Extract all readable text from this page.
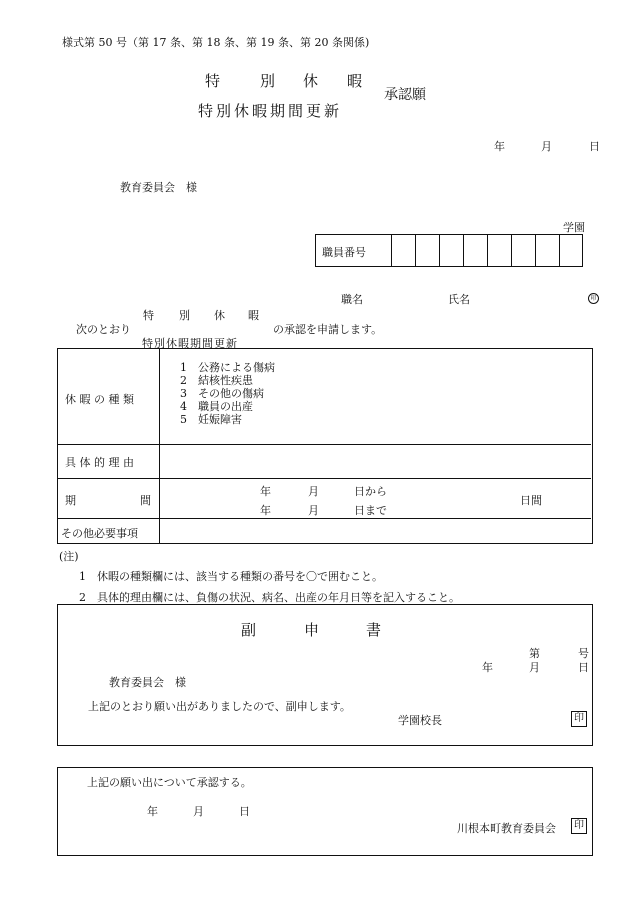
様式第 50 号（第 17 条、第 18 条、第 19 条、第 20 条関係)
特	別 休 暇
承認願
特別休暇期間更新
年	月	日
教育委員会　様
学園
職員番号
職名	氏名	印
特 別 休 暇
次のとおり	の承認を申請します。
特別休暇期間更新
休 暇 の 種 類
1　公務による傷病
2　結核性疾患
3　その他の傷病
4　職員の出産
5　妊娠障害
具 体 的 理 由
期	間
年	月	日から
年	月	日まで
日間
その他必要事項
(注)
1　休暇の種類欄には、該当する種類の番号を〇で囲むこと。
2　具体的理由欄には、負傷の状況、病名、出産の年月日等を記入すること。
副	申	書
第	号
年	月	日
教育委員会　様
上記のとおり願い出がありましたので、副申します。
学園校長	印
上記の願い出について承認する。
年	月	日
川根本町教育委員会	印
